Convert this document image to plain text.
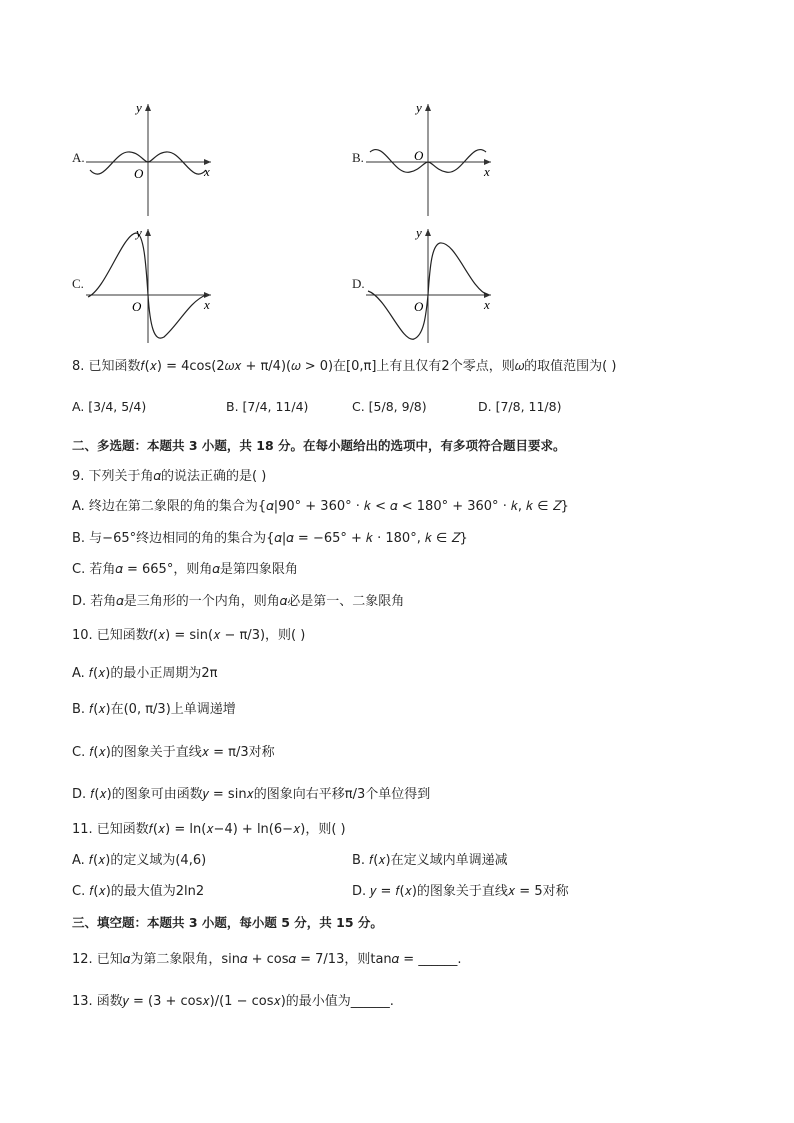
A.
O	x
y
B.	O
x
y
C.
O	x
y
D.
O	x
y
8. 已知函数𝑓(𝑥) = 4cos(2𝜔𝑥 + π/4)(𝜔 > 0)在[0,π]上有且仅有2个零点，则𝜔的取值范围为( )
A. [3/4, 5/4)	B. [7/4, 11/4)	C. [5/8, 9/8)	D. [7/8, 11/8)
二、多选题：本题共 3 小题，共 18 分。在每小题给出的选项中，有多项符合题目要求。
9. 下列关于角𝛼的说法正确的是( )
A. 终边在第二象限的角的集合为{𝛼|90° + 360° · 𝑘 < 𝛼 < 180° + 360° · 𝑘, 𝑘 ∈ 𝑍}
B. 与−65°终边相同的角的集合为{𝛼|𝛼 = −65° + 𝑘 · 180°, 𝑘 ∈ 𝑍}
C. 若角𝛼 = 665°，则角𝛼是第四象限角
D. 若角𝛼是三角形的一个内角，则角𝛼必是第一、二象限角
10. 已知函数𝑓(𝑥) = sin(𝑥 − π/3)，则( )
A. 𝑓(𝑥)的最小正周期为2π
B. 𝑓(𝑥)在(0, π/3)上单调递增
C. 𝑓(𝑥)的图象关于直线𝑥 = π/3对称
D. 𝑓(𝑥)的图象可由函数𝑦 = sin𝑥的图象向右平移π/3个单位得到
11. 已知函数𝑓(𝑥) = ln(𝑥−4) + ln(6−𝑥)，则( )
A. 𝑓(𝑥)的定义域为(4,6)	B. 𝑓(𝑥)在定义域内单调递减
C. 𝑓(𝑥)的最大值为2ln2	D. 𝑦 = 𝑓(𝑥)的图象关于直线𝑥 = 5对称
三、填空题：本题共 3 小题，每小题 5 分，共 15 分。
12. 已知𝛼为第二象限角，sin𝛼 + cos𝛼 = 7/13，则tan𝛼 = ______.
13. 函数𝑦 = (3 + cos𝑥)/(1 − cos𝑥)的最小值为______.
